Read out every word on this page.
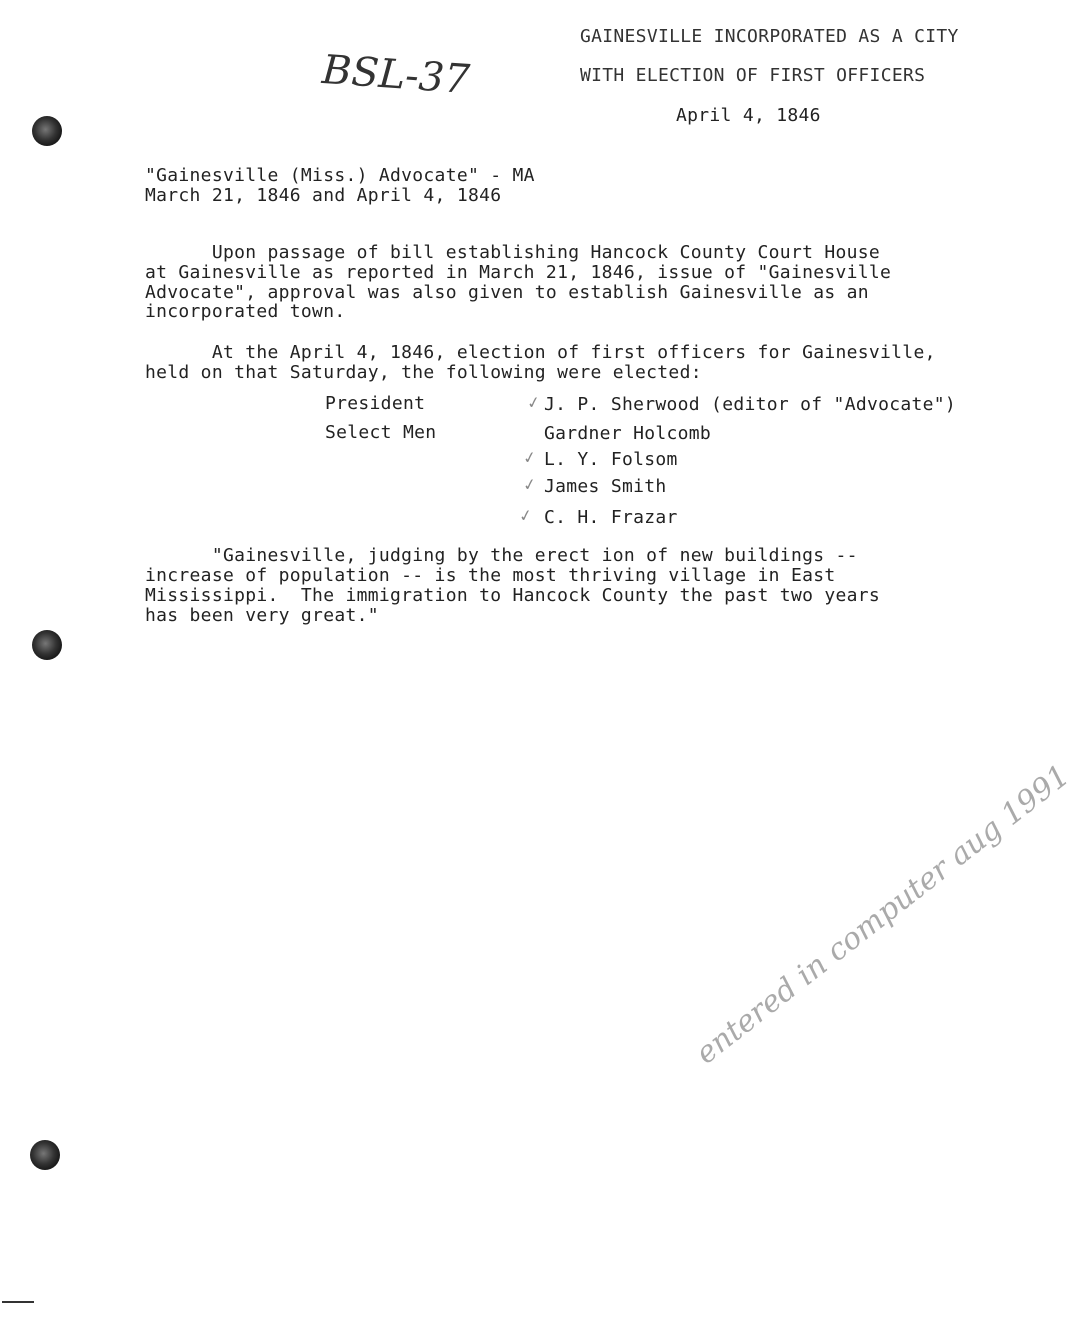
BSL-37
GAINESVILLE INCORPORATED AS A CITY
WITH ELECTION OF FIRST OFFICERS
April 4, 1846
"Gainesville (Miss.) Advocate" - MA
March 21, 1846 and April 4, 1846
Upon passage of bill establishing Hancock County Court House
at Gainesville as reported in March 21, 1846, issue of "Gainesville
Advocate", approval was also given to establish Gainesville as an
incorporated town.
At the April 4, 1846, election of first officers for Gainesville,
held on that Saturday, the following were elected:
President	✓ J. P. Sherwood (editor of "Advocate")
Select Men	Gardner Holcomb
✓ L. Y. Folsom
✓ James Smith
✓ C. H. Frazar
"Gainesville, judging by the erect ion of new buildings --
increase of population -- is the most thriving village in East
Mississippi.  The immigration to Hancock County the past two years
has been very great."
entered in computer aug 1991
